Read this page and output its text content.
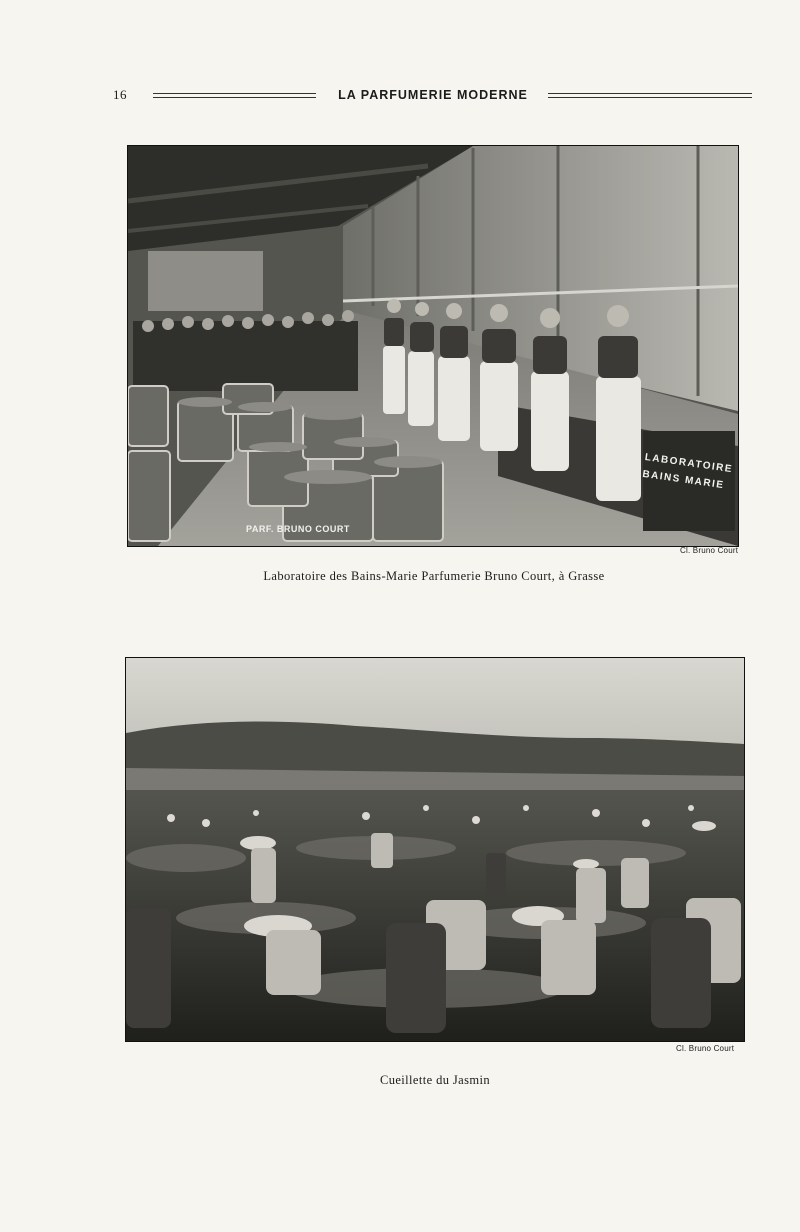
16	LA PARFUMERIE MODERNE
LABORATOIRE
BAINS MARIE
PARF. BRUNO COURT
Cl. Bruno Court
Laboratoire des Bains-Marie Parfumerie Bruno Court, à Grasse
Cl. Bruno Court
Cueillette du Jasmin
